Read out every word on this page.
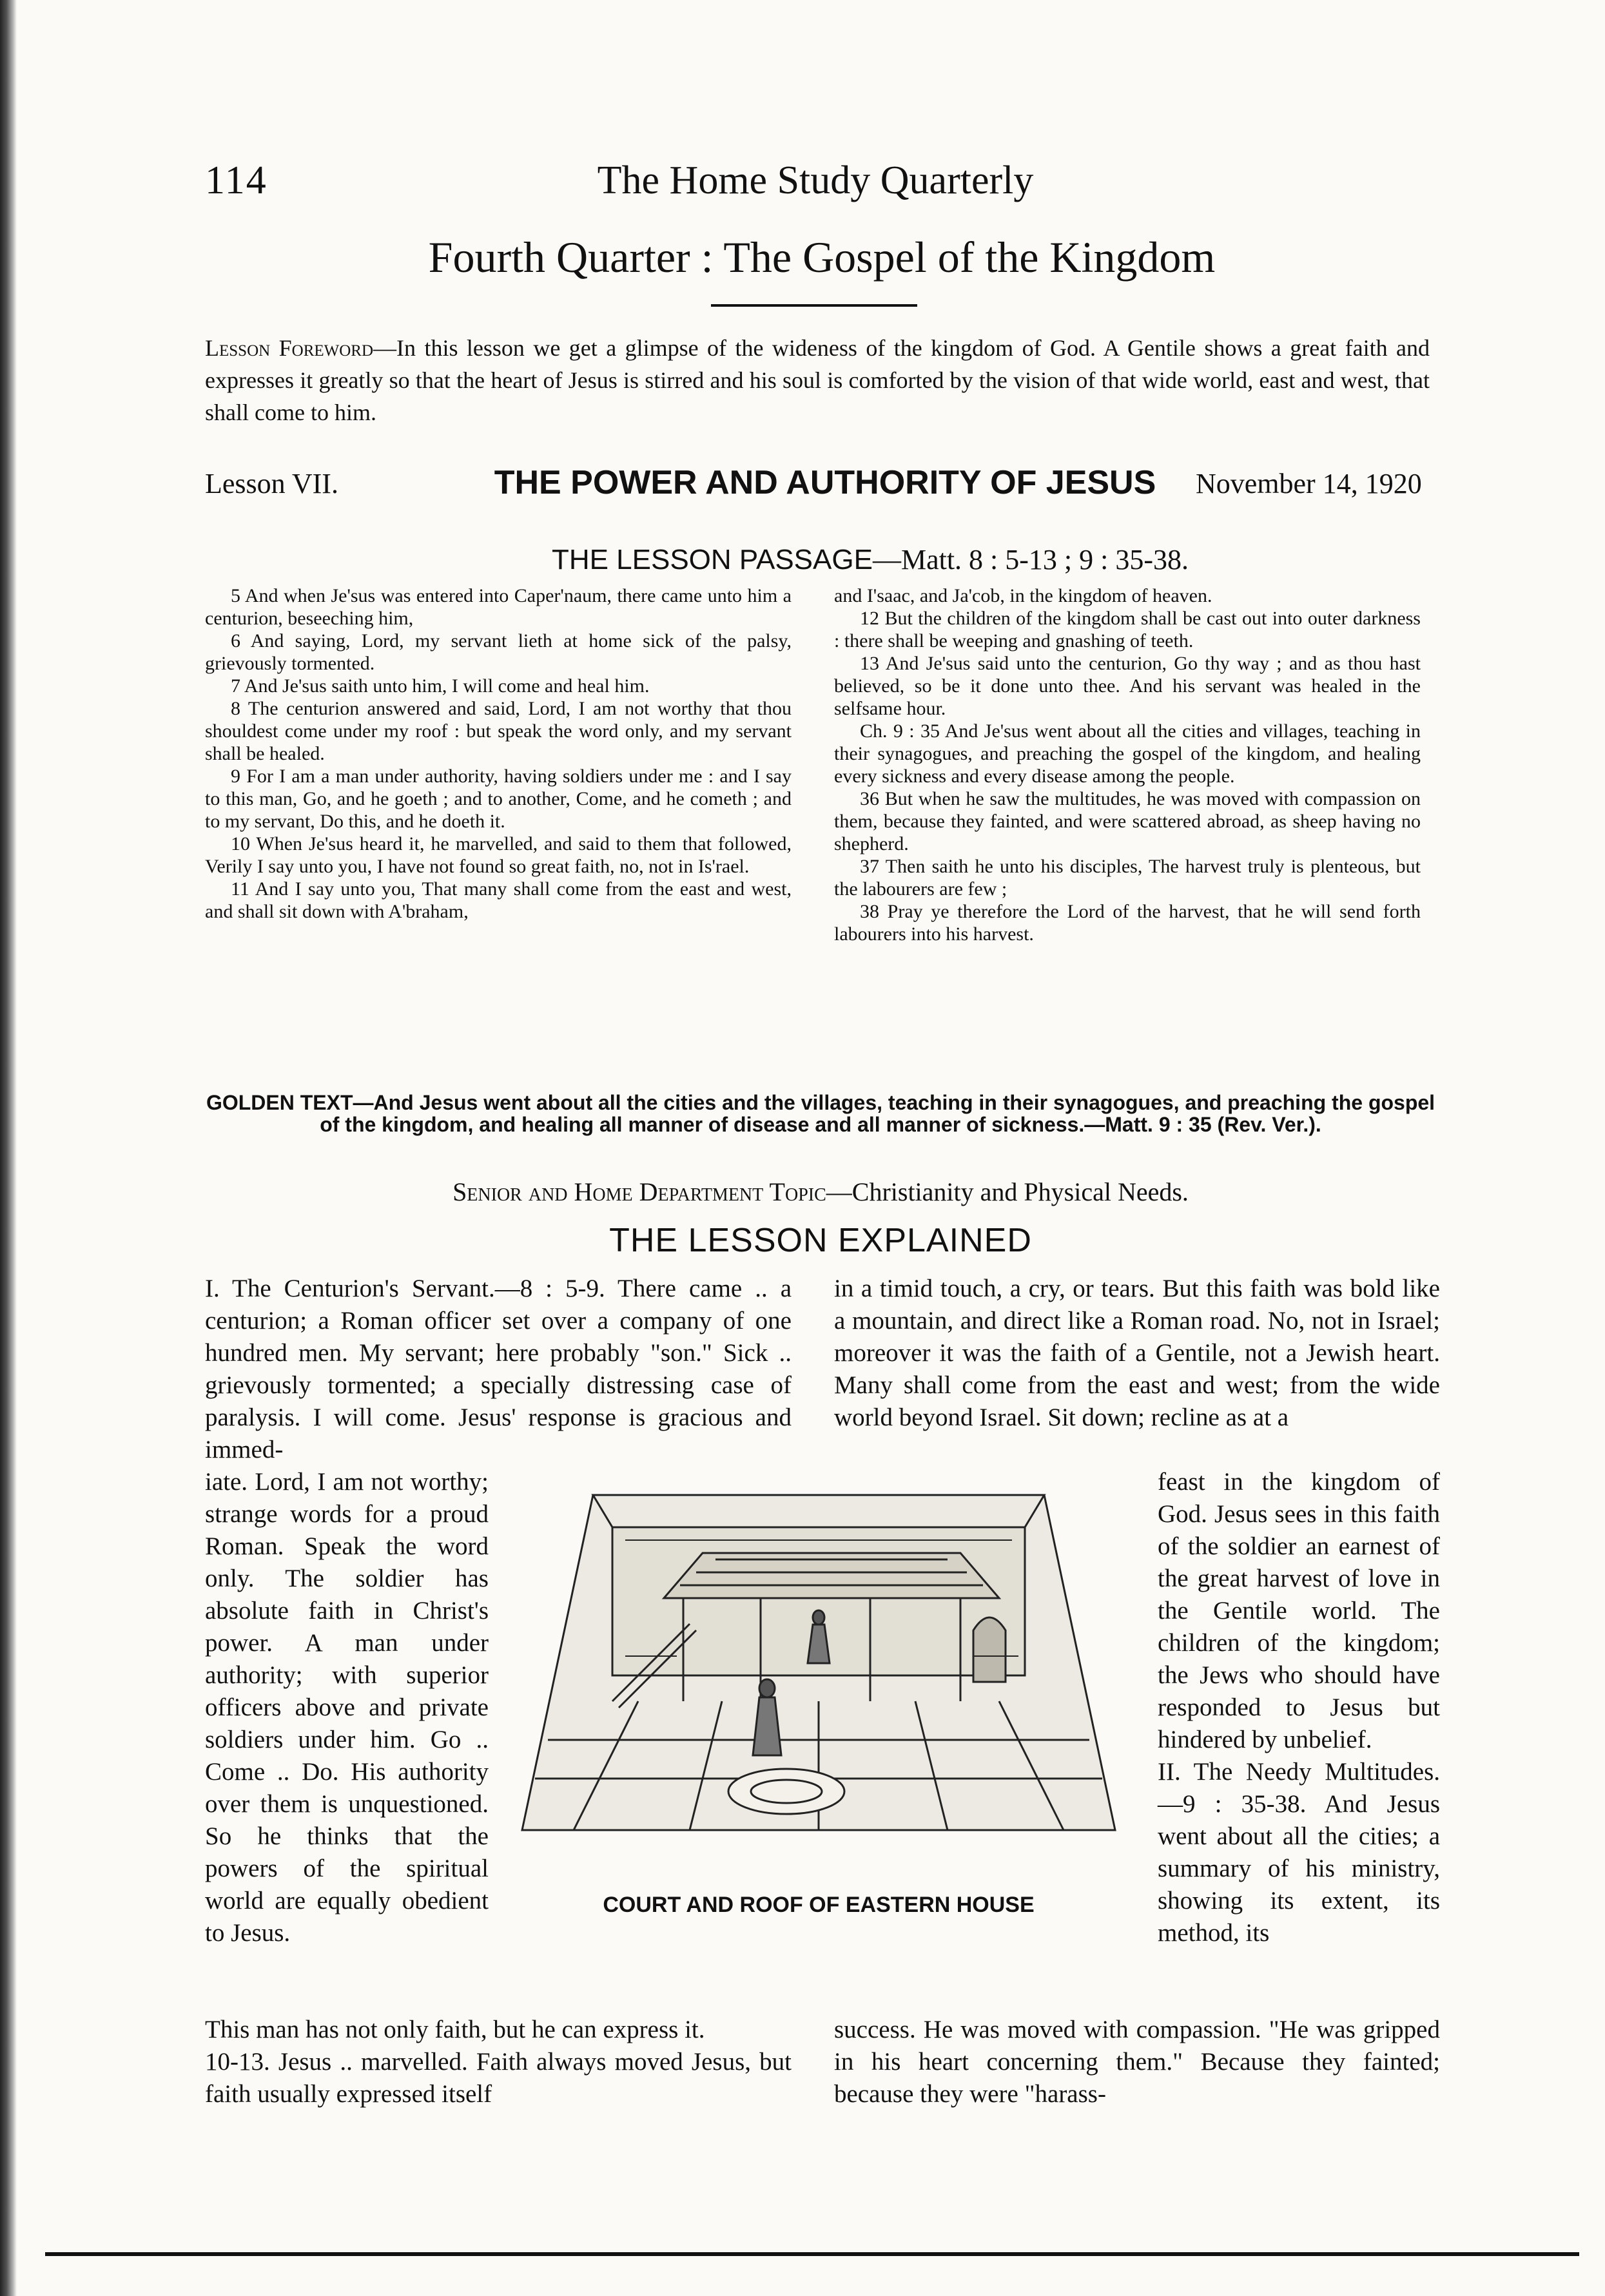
114	The Home Study Quarterly
Fourth Quarter : The Gospel of the Kingdom
Lesson Foreword—In this lesson we get a glimpse of the wideness of the kingdom of God. A Gentile shows a great faith and expresses it greatly so that the heart of Jesus is stirred and his soul is comforted by the vision of that wide world, east and west, that shall come to him.
Lesson VII.	THE POWER AND AUTHORITY OF JESUS	November 14, 1920
THE LESSON PASSAGE—Matt. 8 : 5-13 ; 9 : 35-38.

5 And when Je'sus was entered into Caper'naum, there came unto him a centurion, beseeching him,

6 And saying, Lord, my servant lieth at home sick of the palsy, grievously tormented.

7 And Je'sus saith unto him, I will come and heal him.

8 The centurion answered and said, Lord, I am not worthy that thou shouldest come under my roof : but speak the word only, and my servant shall be healed.

9 For I am a man under authority, having soldiers under me : and I say to this man, Go, and he goeth ; and to another, Come, and he cometh ; and to my servant, Do this, and he doeth it.

10 When Je'sus heard it, he marvelled, and said to them that followed, Verily I say unto you, I have not found so great faith, no, not in Is'rael.

11 And I say unto you, That many shall come from the east and west, and shall sit down with A'braham,

and I'saac, and Ja'cob, in the kingdom of heaven.

12 But the children of the kingdom shall be cast out into outer darkness : there shall be weeping and gnashing of teeth.

13 And Je'sus said unto the centurion, Go thy way ; and as thou hast believed, so be it done unto thee. And his servant was healed in the selfsame hour.

Ch. 9 : 35 And Je'sus went about all the cities and villages, teaching in their synagogues, and preaching the gospel of the kingdom, and healing every sickness and every disease among the people.

36 But when he saw the multitudes, he was moved with compassion on them, because they fainted, and were scattered abroad, as sheep having no shepherd.

37 Then saith he unto his disciples, The harvest truly is plenteous, but the labourers are few ;

38 Pray ye therefore the Lord of the harvest, that he will send forth labourers into his harvest.

GOLDEN TEXT—And Jesus went about all the cities and the villages, teaching in their synagogues, and preaching the gospel of the kingdom, and healing all manner of disease and all manner of sickness.—Matt. 9 : 35 (Rev. Ver.).
Senior and Home Department Topic—Christianity and Physical Needs.
THE LESSON EXPLAINED
I. The Centurion's Servant.—8 : 5-9. There came .. a centurion; a Roman officer set over a company of one hundred men. My servant; here probably "son." Sick .. grievously tormented; a specially distressing case of paralysis. I will come. Jesus' response is gracious and immed-
iate. Lord, I am not worthy; strange words for a proud Roman. Speak the word only. The soldier has absolute faith in Christ's power. A man under authority; with superior officers above and private soldiers under him. Go .. Come .. Do. His authority over them is unquestioned. So he thinks that the powers of the spiritual world are equally obedient to Jesus.
This man has not only faith, but he can express it.
10-13. Jesus .. marvelled. Faith always moved Jesus, but faith usually expressed itself
in a timid touch, a cry, or tears. But this faith was bold like a mountain, and direct like a Roman road. No, not in Israel; moreover it was the faith of a Gentile, not a Jewish heart. Many shall come from the east and west; from the wide world beyond Israel. Sit down; recline as at a
feast in the kingdom of God. Jesus sees in this faith of the soldier an earnest of the great harvest of love in the Gentile world. The children of the kingdom; the Jews who should have responded to Jesus but hindered by unbelief.
II. The Needy Multitudes.—9 : 35-38. And Jesus went about all the cities; a summary of his ministry, showing its extent, its method, its
success. He was moved with compassion. "He was gripped in his heart concerning them." Because they fainted; because they were "harass-
COURT AND ROOF OF EASTERN HOUSE
